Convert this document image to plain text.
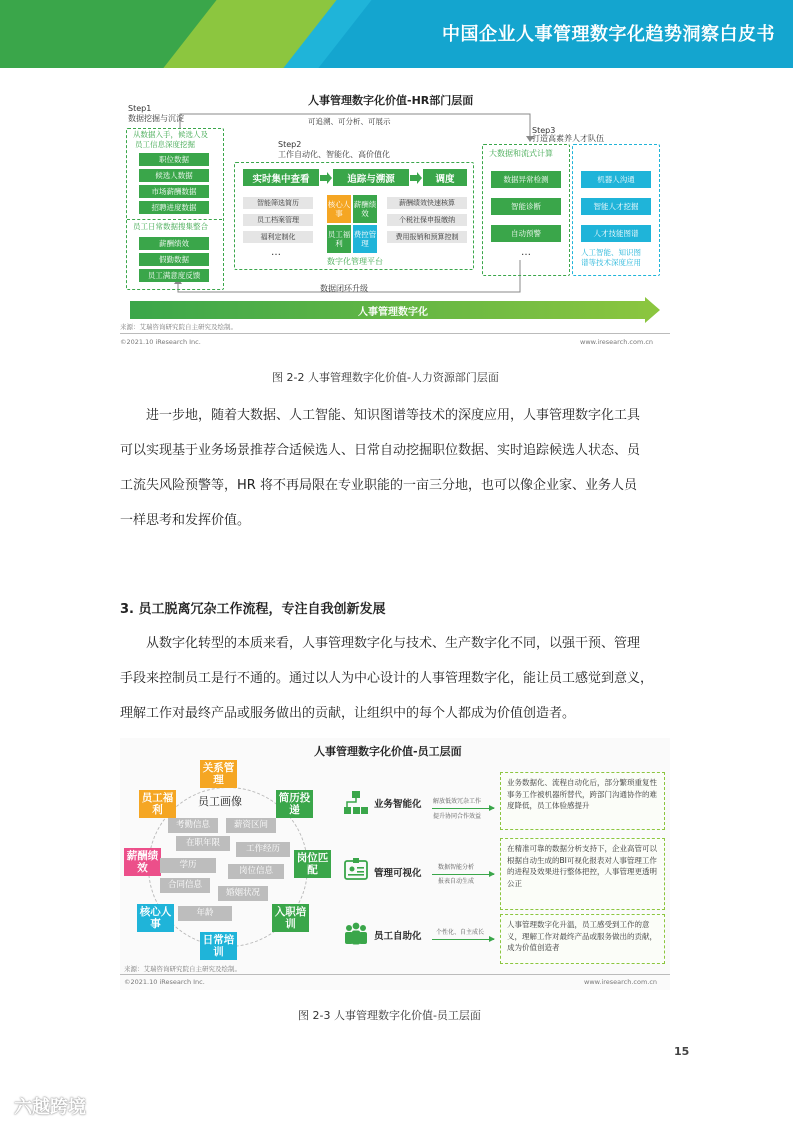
中国企业人事管理数字化趋势洞察白皮书
人事管理数字化价值-HR部门层面
可追溯、可分析、可展示
Step1
数据挖掘与沉淀
从数据入手，候选人及
员工信息深度挖掘
职位数据
候选人数据
市场薪酬数据
招聘进度数据
员工日常数据搜集整合
薪酬绩效
假勤数据
员工满意度反馈
Step2
工作自动化、智能化、高价值化
实时集中查看	追踪与溯源	调度
智能筛选简历
员工档案管理
福利定制化
…
核心人事
薪酬绩效
员工福利
费控管理
薪酬绩效快速核算
个税社保申报缴纳
费用报销和预算控制
数字化管理平台
Step3
打造高素养人才队伍
大数据和流式计算
数据异常检测
智能诊断
自动预警
…
机器人沟通
智能人才挖掘
人才技能图谱
人工智能、知识图
谱等技术深度应用
数据闭环升级
人事管理数字化
来源：艾瑞咨询研究院自主研究及绘制。
©2021.10 iResearch Inc.	www.iresearch.com.cn
图 2-2 人事管理数字化价值-人力资源部门层面
　　进一步地，随着大数据、人工智能、知识图谱等技术的深度应用，人事管理数字化工具
可以实现基于业务场景推荐合适候选人、日常自动挖掘职位数据、实时追踪候选人状态、员
工流失风险预警等，HR 将不再局限在专业职能的一亩三分地，也可以像企业家、业务人员
一样思考和发挥价值。
3. 员工脱离冗杂工作流程，专注自我创新发展
　　从数字化转型的本质来看，人事管理数字化与技术、生产数字化不同，以强干预、管理
手段来控制员工是行不通的。通过以人为中心设计的人事管理数字化，能让员工感觉到意义，
理解工作对最终产品或服务做出的贡献，让组织中的每个人都成为价值创造者。
人事管理数字化价值-员工层面
员工画像
关系管理
简历投递
岗位匹配
入职培训
日常培训
核心人事
薪酬绩效
员工福利
考勤信息	薪资区间
在职年限
工作经历
学历
岗位信息
合同信息
婚姻状况
年龄
业务智能化 解放低效冗杂工作
提升协同合作效益
业务数据化、流程自动化后，部分繁琐重复性事务工作被机器所替代，跨部门沟通协作的难度降低，员工体验感提升
管理可视化
数据智能分析
报表自动生成
在精准可靠的数据分析支持下，企业高管可以根据自动生成的BI可视化报表对人事管理工作的进程及效果进行整体把控，人事管理更透明公正
员工自助化 个性化、自主成长
人事管理数字化升温，员工感受到工作的意义，理解工作对最终产品或服务做出的贡献，成为价值创造者
来源：艾瑞咨询研究院自主研究及绘制。
©2021.10 iResearch Inc.	www.iresearch.com.cn
图 2-3 人事管理数字化价值-员工层面
15
六越跨境
